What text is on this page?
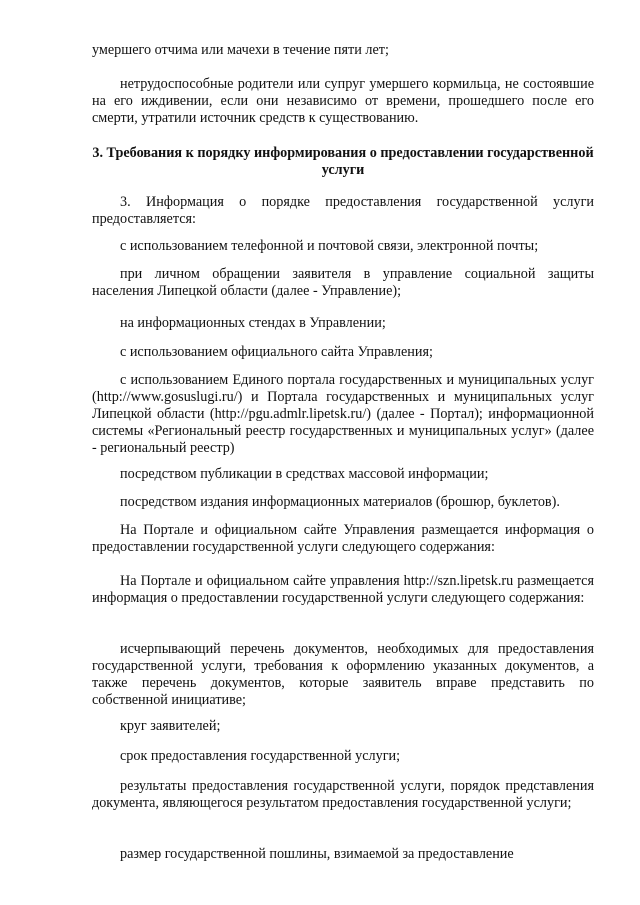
умершего отчима или мачехи в течение пяти лет;

нетрудоспособные родители или супруг умершего кормильца, не состоявшие на его иждивении, если они независимо от времени, прошедшего после его смерти, утратили источник средств к существованию.

3. Требования к порядку информирования о предоставлении государственной услуги

3. Информация о порядке предоставления государственной услуги предоставляется:

с использованием телефонной и почтовой связи, электронной почты;

при личном обращении заявителя в управление социальной защиты населения Липецкой области (далее - Управление);

на информационных стендах в Управлении;

с использованием официального сайта Управления;

с использованием Единого портала государственных и муниципальных услуг (http://www.gosuslugi.ru/) и Портала государственных и муниципальных услуг Липецкой области (http://pgu.admlr.lipetsk.ru/) (далее - Портал); информационной системы «Региональный реестр государственных и муниципальных услуг» (далее - региональный реестр)

посредством публикации в средствах массовой информации;

посредством издания информационных материалов (брошюр, буклетов).

На Портале и официальном сайте Управления размещается информация о предоставлении государственной услуги следующего содержания:

На Портале и официальном сайте управления http://szn.lipetsk.ru размещается информация о предоставлении государственной услуги следующего содержания:

исчерпывающий перечень документов, необходимых для предоставления государственной услуги, требования к оформлению указанных документов, а также перечень документов, которые заявитель вправе представить по собственной инициативе;

круг заявителей;

срок предоставления государственной услуги;

результаты предоставления государственной услуги, порядок представления документа, являющегося результатом предоставления государственной услуги;

размер государственной пошлины, взимаемой за предоставление
